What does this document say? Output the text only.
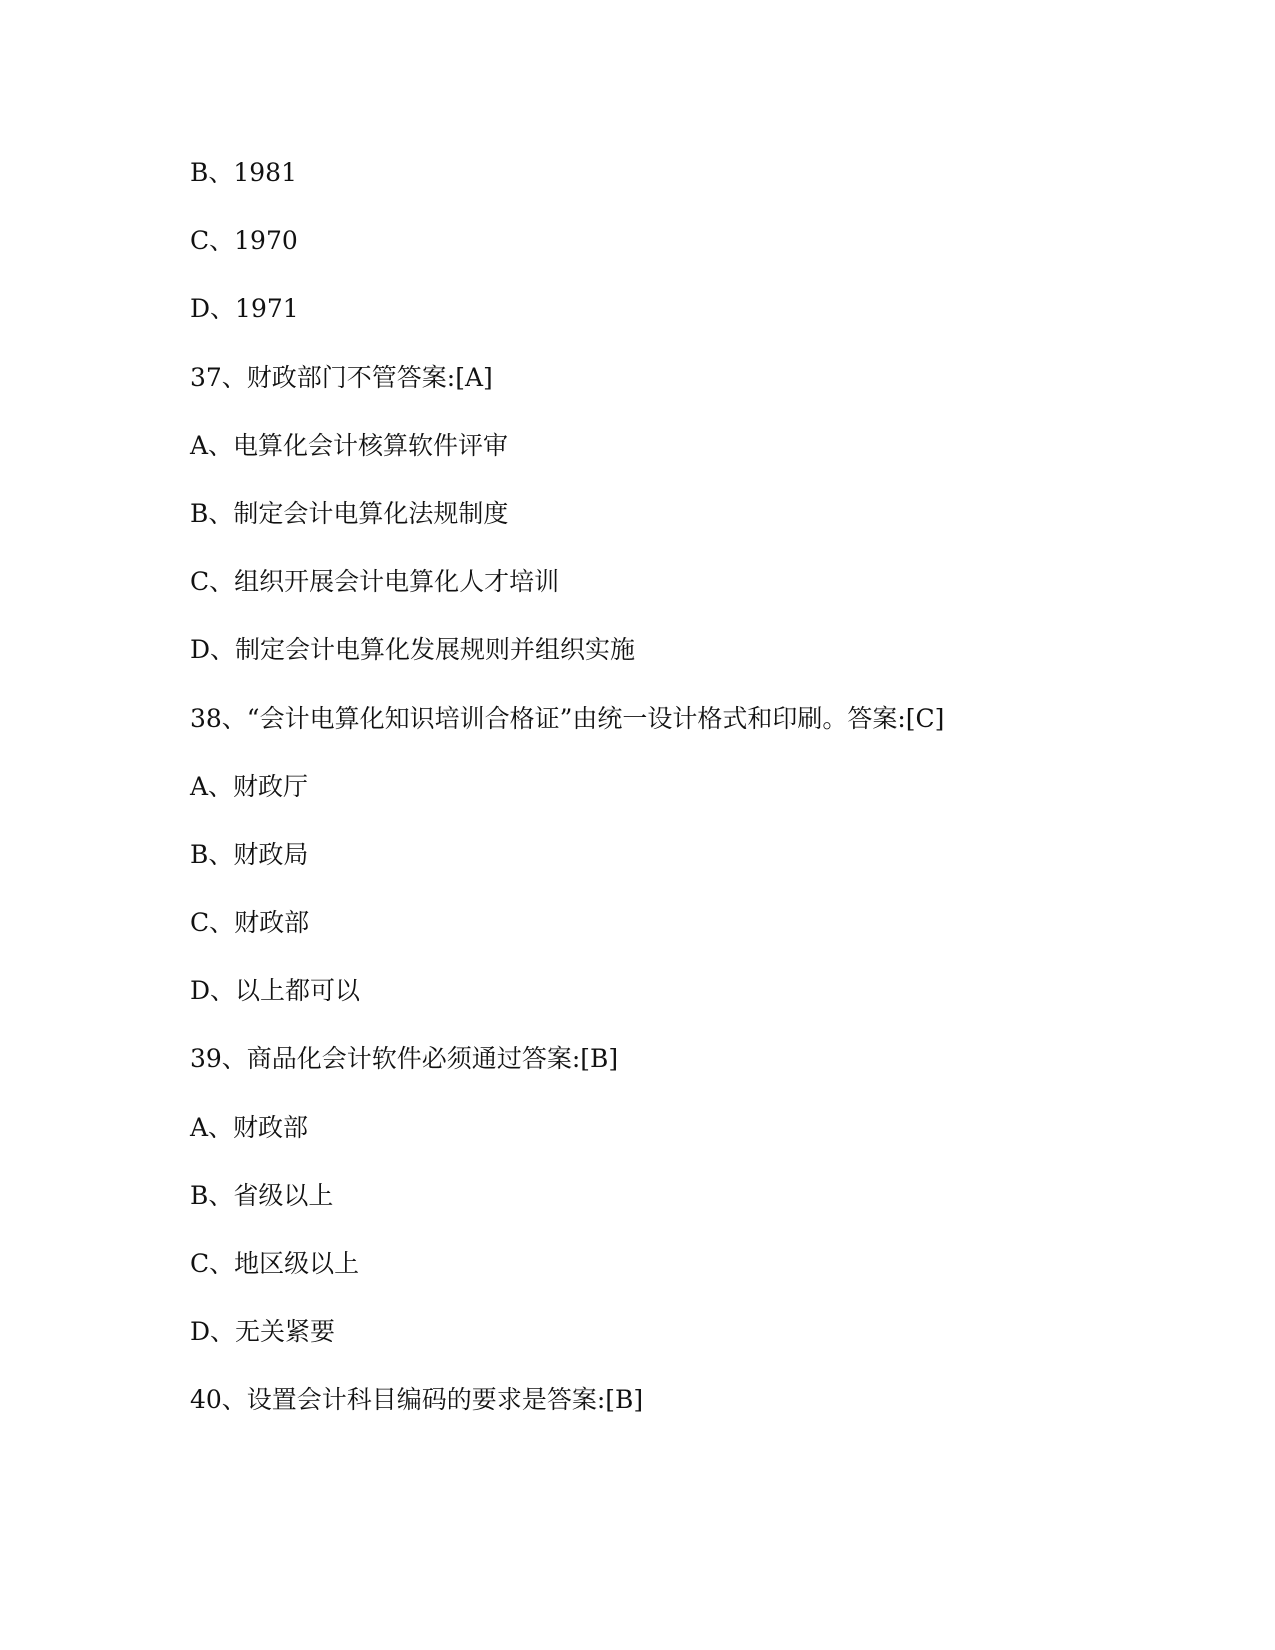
B、1981
C、1970
D、1971
37、财政部门不管答案:[A]
A、电算化会计核算软件评审
B、制定会计电算化法规制度
C、组织开展会计电算化人才培训
D、制定会计电算化发展规则并组织实施
38、“会计电算化知识培训合格证”由统一设计格式和印刷。答案:[C]
A、财政厅
B、财政局
C、财政部
D、以上都可以
39、商品化会计软件必须通过答案:[B]
A、财政部
B、省级以上
C、地区级以上
D、无关紧要
40、设置会计科目编码的要求是答案:[B]
